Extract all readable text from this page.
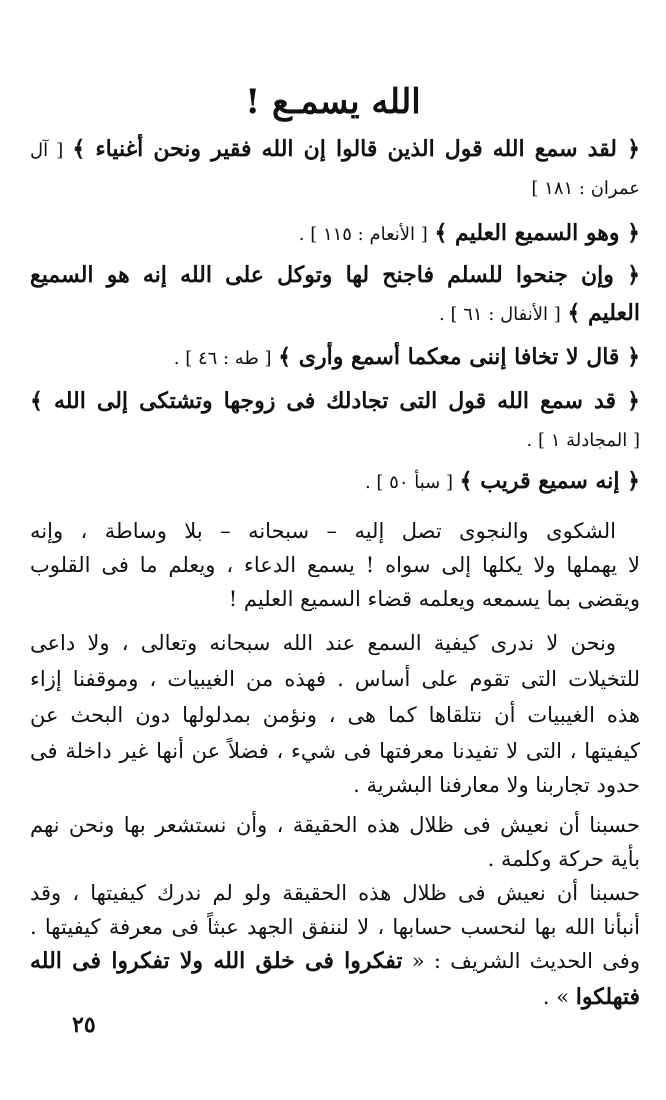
الله يسمـع !
﴿ لقد سمع الله قول الذين قالوا إن الله فقير ونحن أغنياء ﴾ [ آل
عمران : ١٨١ ]
﴿ وهو السميع العليم ﴾ [ الأنعام : ١١٥ ] .
﴿ وإن جنحوا للسلم فاجنح لها وتوكل على الله إنه هو السميع
العليم ﴾ [ الأنفال : ٦١ ] .
﴿ قال لا تخافا إننى معكما أسمع وأرى ﴾ [ طه : ٤٦ ] .
﴿ قد سمع الله قول التى تجادلك فى زوجها وتشتكى إلى الله ﴾
[ المجادلة ١ ] .
﴿ إنه سميع قريب ﴾ [ سبأ ٥٠ ] .
الشكوى والنجوى تصل إليه – سبحانه – بلا وساطة ، وإنه
لا يهملها ولا يكلها إلى سواه ! يسمع الدعاء ، ويعلم ما فى القلوب
ويقضى بما يسمعه ويعلمه قضاء السميع العليم !
ونحن لا ندرى كيفية السمع عند الله سبحانه وتعالى ، ولا داعى
للتخيلات التى تقوم على أساس . فهذه من الغيبيات ، وموقفنا إزاء
هذه الغيبيات أن نتلقاها كما هى ، ونؤمن بمدلولها دون البحث عن
كيفيتها ، التى لا تفيدنا معرفتها فى شيء ، فضلاً عن أنها غير داخلة فى
حدود تجاربنا ولا معارفنا البشرية .
حسبنا أن نعيش فى ظلال هذه الحقيقة ، وأن نستشعر بها ونحن نهم
بأية حركة وكلمة .
حسبنا أن نعيش فى ظلال هذه الحقيقة ولو لم ندرك كيفيتها ، وقد
أنبأنا الله بها لنحسب حسابها ، لا لننفق الجهد عبثاً فى معرفة كيفيتها .
وفى الحديث الشريف : « تفكروا فى خلق الله ولا تفكروا فى الله
فتهلكوا » .
٢٥
